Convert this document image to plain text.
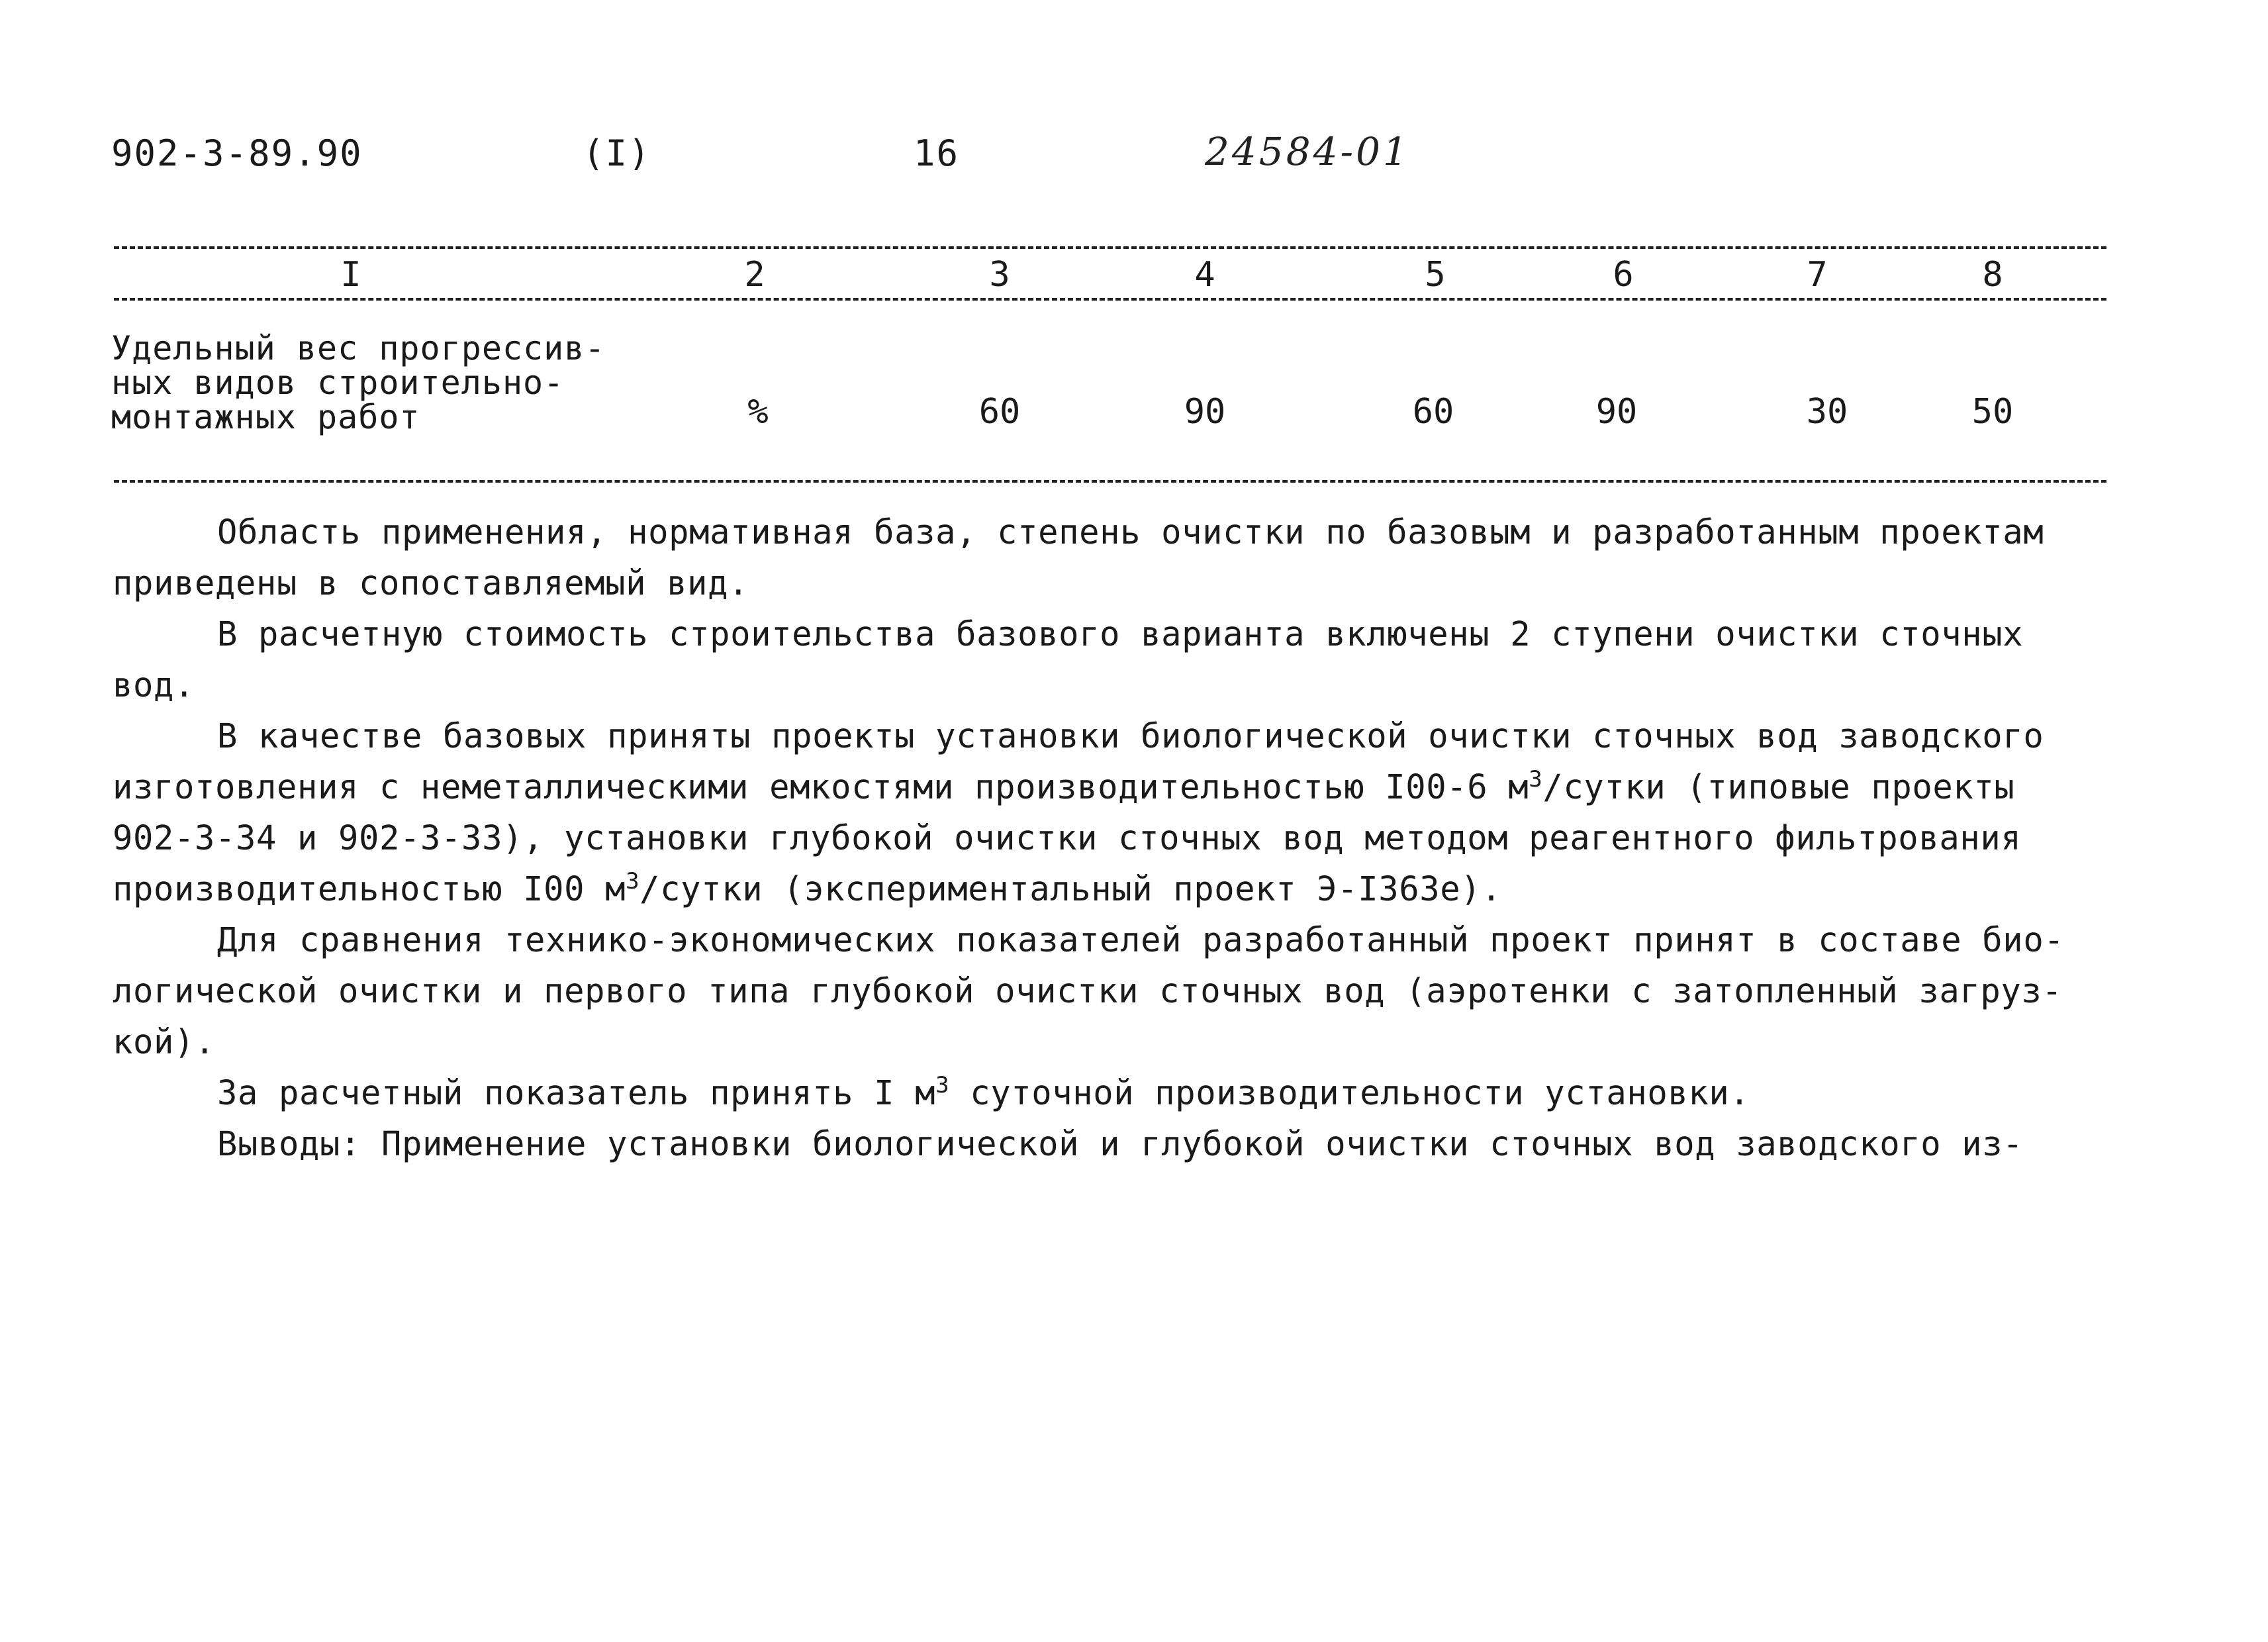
902-3-89.90	(I)	16	24584-01
I	2	3	4	5	6	7	8
Удельный вес прогрессив-
ных видов строительно-
монтажных работ	%	60	90	60	90	30	50
Область применения, нормативная база, степень очистки по базовым и разработанным проектам
приведены в сопоставляемый вид.
В расчетную стоимость строительства базового варианта включены 2 ступени очистки сточных
вод.
В качестве базовых приняты проекты установки биологической очистки сточных вод заводского
изготовления с неметаллическими емкостями производительностью I00-6 $м^3$/сутки (типовые проекты
902-3-34 и 902-3-33), установки глубокой очистки сточных вод методом реагентного фильтрования
производительностью I00 $м^3$/сутки (экспериментальный проект Э-I363е).
Для сравнения технико-экономических показателей разработанный проект принят в составе био-
логической очистки и первого типа глубокой очистки сточных вод (аэротенки с затопленный загруз-
кой).
За расчетный показатель принять I $м^3$ суточной производительности установки.
Выводы: Применение установки биологической и глубокой очистки сточных вод заводского из-
